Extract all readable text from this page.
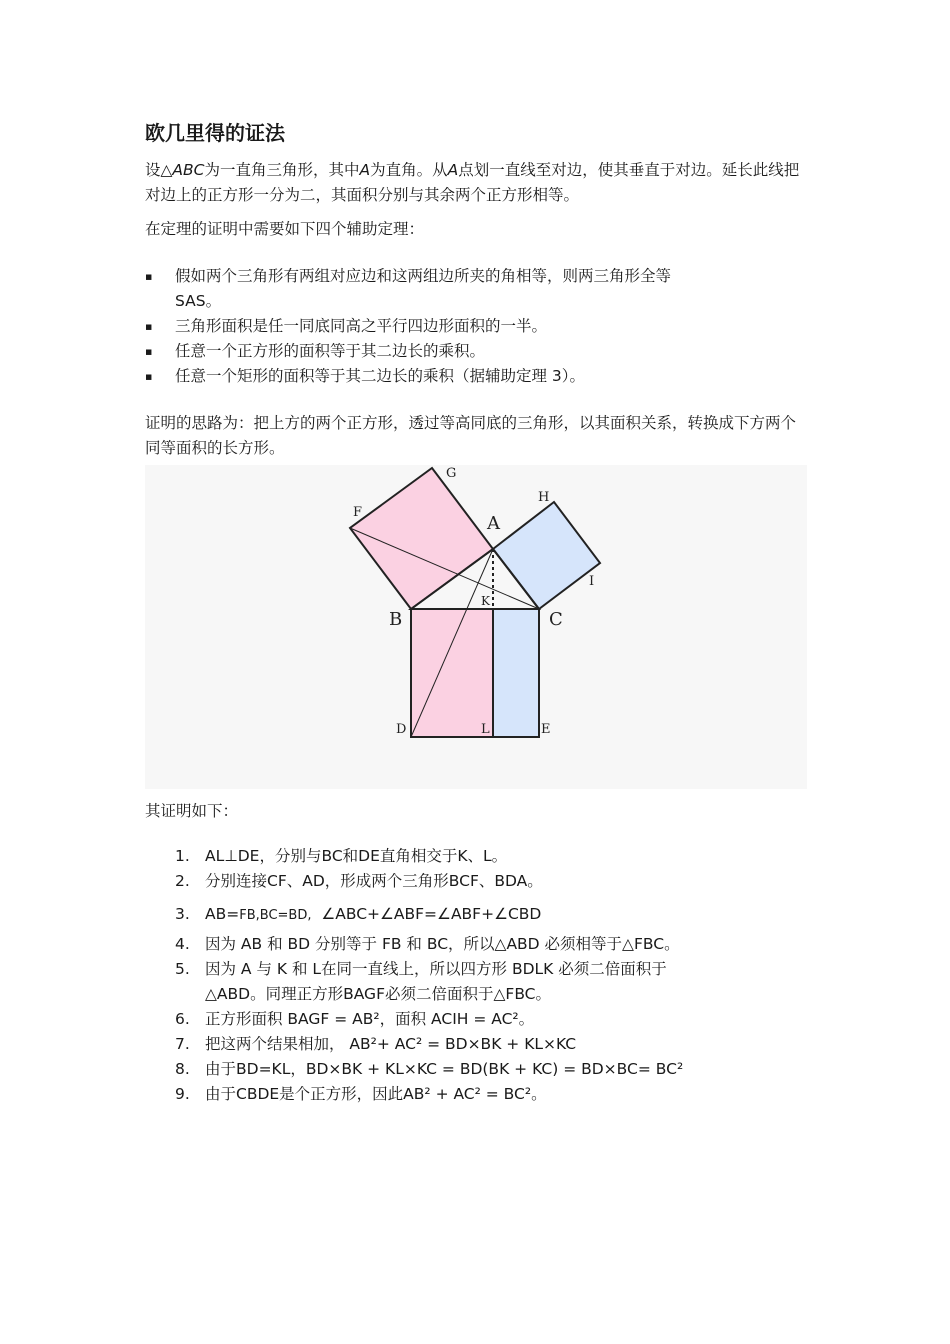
欧几里得的证法

设△ABC为一直角三角形，其中A为直角。从A点划一直线至对边，使其垂直于对边。延长此线把对边上的正方形一分为二，其面积分别与其余两个正方形相等。

在定理的证明中需要如下四个辅助定理：

▪ 假如两个三角形有两组对应边和这两组边所夹的角相等，则两三角形全等
SAS。
▪ 三角形面积是任一同底同高之平行四边形面积的一半。
▪ 任意一个正方形的面积等于其二边长的乘积。
▪ 任意一个矩形的面积等于其二边长的乘积（据辅助定理 3）。

证明的思路为：把上方的两个正方形，透过等高同底的三角形，以其面积关系，转换成下方两个同等面积的长方形。

A
B	C
D	E
F
G
H
I
K
L

其证明如下：

1. AL⊥DE，分别与BC和DE直角相交于K、L。
2. 分别连接CF、AD，形成两个三角形BCF、BDA。
3. AB=FB,BC=BD,  ∠ABC+∠ABF=∠ABF+∠CBD
4. 因为 AB 和 BD 分别等于 FB 和 BC，所以△ABD 必须相等于△FBC。
5. 因为 A 与 K 和 L在同一直线上，所以四方形 BDLK 必须二倍面积于
△ABD。同理正方形BAGF必须二倍面积于△FBC。
6. 正方形面积 BAGF = AB²，面积 ACIH = AC²。
7. 把这两个结果相加， AB²+ AC² = BD×BK + KL×KC
8. 由于BD=KL，BD×BK + KL×KC = BD(BK + KC) = BD×BC= BC²
9. 由于CBDE是个正方形，因此AB² + AC² = BC²。
